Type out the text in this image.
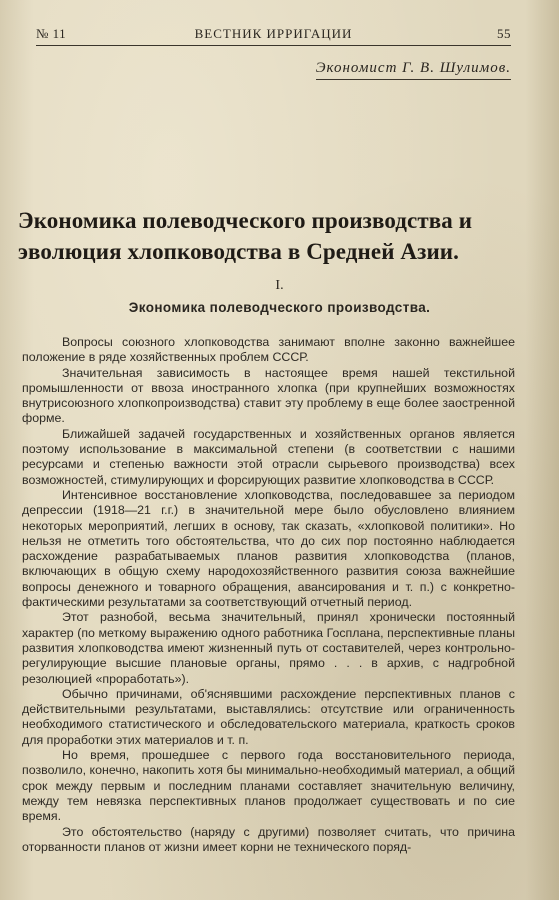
№ 11	ВЕСТНИК ИРРИГАЦИИ	55
Экономист Г. В. Шулимов.
Экономика полеводческого производства и эволюция хлопководства в Средней Азии.
I.
Экономика полеводческого производства.

Вопросы союзного хлопководства занимают вполне законно важнейшее положение в ряде хозяйственных проблем СССР.

Значительная зависимость в настоящее время нашей текстильной промышленности от ввоза иностранного хлопка (при крупнейших возможностях внутрисоюзного хлопкопроизводства) ставит эту проблему в еще более заостренной форме.

Ближайшей задачей государственных и хозяйственных органов является поэтому использование в максимальной степени (в соответствии с нашими ресурсами и степенью важности этой отрасли сырьевого производства) всех возможностей, стимулирующих и форсирующих развитие хлопководства в СССР.

Интенсивное восстановление хлопководства, последовавшее за периодом депрессии (1918—21 г.г.) в значительной мере было обусловлено влиянием некоторых мероприятий, легших в основу, так сказать, «хлопковой политики». Но нельзя не отметить того обстоятельства, что до сих пор постоянно наблюдается расхождение разрабатываемых планов развития хлопководства (планов, включающих в общую схему народохозяйственного развития союза важнейшие вопросы денежного и товарного обращения, авансирования и т. п.) с конкретно-фактическими результатами за соответствующий отчетный период.

Этот разнобой, весьма значительный, принял хронически постоянный характер (по меткому выражению одного работника Госплана, перспективные планы развития хлопководства имеют жизненный путь от составителей, через контрольно-регулирующие высшие плановые органы, прямо . . . в архив, с надгробной резолюцией «проработать»).

Обычно причинами, об'яснявшими расхождение перспективных планов с действительными результатами, выставлялись: отсутствие или ограниченность необходимого статистического и обследовательского материала, краткость сроков для проработки этих материалов и т. п.

Но время, прошедшее с первого года восстановительного периода, позволило, конечно, накопить хотя бы минимально-необходимый материал, а общий срок между первым и последним планами составляет значительную величину, между тем невязка перспективных планов продолжает существовать и по сие время.

Это обстоятельство (наряду с другими) позволяет считать, что причина оторванности планов от жизни имеет корни не технического поряд-
